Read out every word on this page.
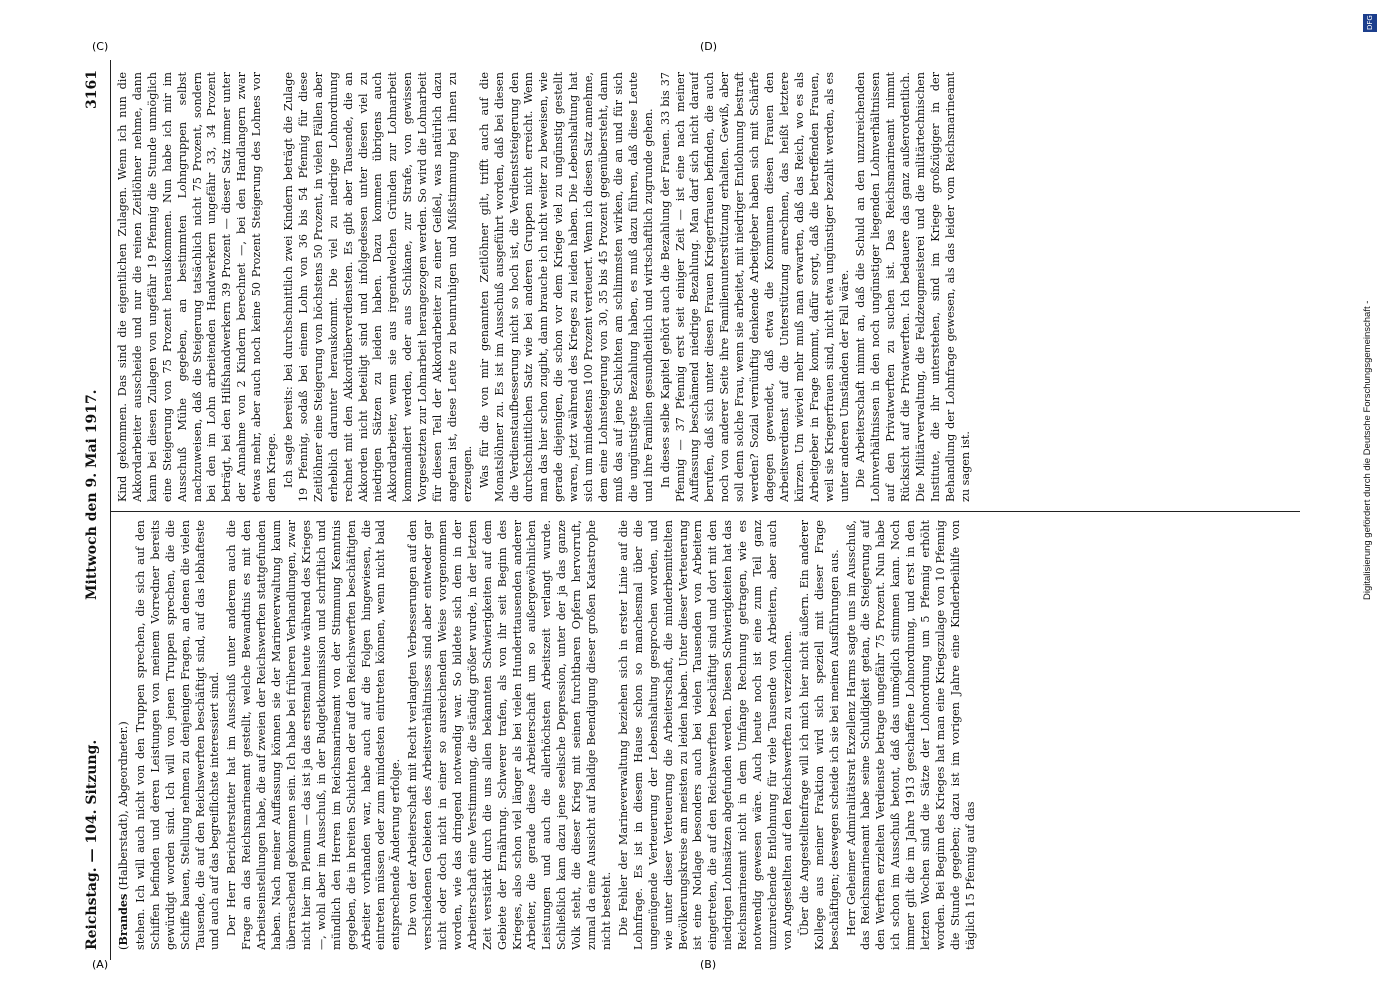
Reichstag. — 104. Sitzung.
Mittwoch den 9. Mai 1917.
3161

(Brandes (Halberstadt), Abgeordneter.) stehen. Ich will auch nicht von den Truppen sprechen, die sich auf den Schiffen befinden und deren Leistungen von meinem Vorredner bereits gewürdigt worden sind. Ich will von jenen Truppen sprechen, die die Schiffe bauen, Stellung nehmen zu denjenigen Fragen, an denen die vielen Tausende, die auf den Reichswerften beschäftigt sind, auf das lebhafteste und auch auf das begreiflichste interessiert sind. Der Herr Berichterstatter hat im Ausschuß unter anderem auch die Frage an das Reichsmarineamt gestellt, welche Bewandtnis es mit den Arbeitseinstellungen habe, die auf zweien der Reichswerften stattgefunden haben. Nach meiner Auffassung können sie der Marineverwaltung kaum überraschend gekommen sein. Ich habe bei früheren Verhandlungen, zwar nicht hier im Plenum — das ist ja das erstemal heute während des Krieges —, wohl aber im Ausschuß, in der Budgetkommission und schriftlich und mündlich den Herren im Reichsmarineamt von der Stimmung Kenntnis gegeben, die in breiten Schichten der auf den Reichswerften beschäftigten Arbeiter vorhanden war, habe auch auf die Folgen hingewiesen, die eintreten müssen oder zum mindesten eintreten können, wenn nicht bald entsprechende Änderung erfolge. Die von der Arbeiterschaft mit Recht verlangten Verbesserungen auf den verschiedenen Gebieten des Arbeitsverhältnisses sind aber entweder gar nicht oder doch nicht in einer so ausreichenden Weise vorgenommen worden, wie das dringend notwendig war. So bildete sich dem in der Arbeiterschaft eine Verstimmung, die ständig größer wurde, in der letzten Zeit verstärkt durch die uns allen bekannten Schwierigkeiten auf dem Gebiete der Ernährung. Schwerer trafen, als von ihr seit Beginn des Krieges, also schon viel länger als bei vielen Hunderttausenden anderer Arbeiter, die gerade diese Arbeiterschaft um so außergewöhnlichen Leistungen und auch die allerhöchsten Arbeitszeit verlangt wurde. Schließlich kam dazu jene seelische Depression, unter der ja das ganze Volk steht, die dieser Krieg mit seinen furchtbaren Opfern hervorruft, zumal da eine Aussicht auf baldige Beendigung dieser großen Katastrophe nicht besteht. Die Fehler der Marineverwaltung beziehen sich in erster Linie auf die Lohnfrage. Es ist in diesem Hause schon so manchesmal über die ungenügende Verteuerung der Lebenshaltung gesprochen worden, und wie unter dieser Verteuerung die Arbeiterschaft, die minderbemittelten Bevölkerungskreise am meisten zu leiden haben. Unter dieser Verteuerung ist eine Notlage besonders auch bei vielen Tausenden von Arbeitern eingetreten, die auf den Reichswerften beschäftigt sind und dort mit den niedrigen Lohnsätzen abgefunden werden. Diesen Schwierigkeiten hat das Reichsmarineamt nicht in dem Umfange Rechnung getragen, wie es notwendig gewesen wäre. Auch heute noch ist eine zum Teil ganz unzureichende Entlohnung für viele Tausende von Arbeitern, aber auch von Angestellten auf den Reichswerften zu verzeichnen. Über die Angestelltenfrage will ich mich hier nicht äußern. Ein anderer Kollege aus meiner Fraktion wird sich speziell mit dieser Frage beschäftigen; deswegen scheide ich sie bei meinen Ausführungen aus. Herr Geheimer Admiralitätsrat Exzellenz Harms sagte uns im Ausschuß, das Reichsmarineamt habe seine Schuldigkeit getan, die Steigerung auf den Werften erzielten Verdienste betrage ungefähr 75 Prozent. Nun habe ich schon im Ausschuß betont, daß das unmöglich stimmen kann. Noch immer gilt die im Jahre 1913 geschaffene Lohnordnung, und erst in den letzten Wochen sind die Sätze der Lohnordnung um 5 Pfennig erhöht worden. Bei Beginn des Krieges hat man eine Kriegszulage von 10 Pfennig die Stunde gegeben; dazu ist im vorigen Jahre eine Kinderbeihilfe von täglich 15 Pfennig auf das

Kind gekommen. Das sind die eigentlichen Zulagen. Wenn ich nun die Akkordarbeiter ausscheide und nur die reinen Zeitlöhner nehme, dann kann bei diesen Zulagen von ungefähr 19 Pfennig die Stunde unmöglich eine Steigerung von 75 Prozent herauskommen. Nun habe ich mir im Ausschuß Mühe gegeben, an bestimmten Lohngruppen selbst nachzuweisen, daß die Steigerung tatsächlich nicht 75 Prozent, sondern bei den im Lohn arbeitenden Handwerkern ungefähr 33, 34 Prozent beträgt, bei den Hilfshandwerkern 39 Prozent — dieser Satz immer unter der Annahme von 2 Kindern berechnet —, bei den Handlangern zwar etwas mehr, aber auch noch keine 50 Prozent Steigerung des Lohnes vor dem Kriege. Ich sagte bereits: bei durchschnittlich zwei Kindern beträgt die Zulage 19 Pfennig, sodaß bei einem Lohn von 36 bis 54 Pfennig für diese Zeitlöhner eine Steigerung von höchstens 50 Prozent, in vielen Fällen aber erheblich darunter herauskommt. Die viel zu niedrige Lohnordnung rechnet mit den Akkordüberverdiensten. Es gibt aber Tausende, die an Akkorden nicht beteiligt sind und infolgedessen unter diesen viel zu niedrigen Sätzen zu leiden haben. Dazu kommen übrigens auch Akkordarbeiter, wenn sie aus irgendwelchen Gründen zur Lohnarbeit kommandiert werden, oder aus Schikane, zur Strafe, von gewissen Vorgesetzten zur Lohnarbeit herangezogen werden. So wird die Lohnarbeit für diesen Teil der Akkordarbeiter zu einer Geißel, was natürlich dazu angetan ist, diese Leute zu beunruhigen und Mißstimmung bei ihnen zu erzeugen. Was für die von mir genannten Zeitlöhner gilt, trifft auch auf die Monatslöhner zu. Es ist im Ausschuß ausgeführt worden, daß bei diesen die Verdienstaufbesserung nicht so hoch ist, die Verdienststeigerung den durchschnittlichen Satz wie bei anderen Gruppen nicht erreicht. Wenn man das hier schon zugibt, dann brauche ich nicht weiter zu beweisen, wie gerade diejenigen, die schon vor dem Kriege viel zu ungünstig gestellt waren, jetzt während des Krieges zu leiden haben. Die Lebenshaltung hat sich um mindestens 100 Prozent verteuert. Wenn ich diesen Satz annehme, dem eine Lohnsteigerung von 30, 35 bis 45 Prozent gegenübersteht, dann muß das auf jene Schichten am schlimmsten wirken, die an und für sich die ungünstigste Bezahlung haben, es muß dazu führen, daß diese Leute und ihre Familien gesundheitlich und wirtschaftlich zugrunde gehen. In dieses selbe Kapitel gehört auch die Bezahlung der Frauen. 33 bis 37 Pfennig — 37 Pfennig erst seit einiger Zeit — ist eine nach meiner Auffassung beschämend niedrige Bezahlung. Man darf sich nicht darauf berufen, daß sich unter diesen Frauen Kriegerfrauen befinden, die auch noch von anderer Seite ihre Familienunterstützung erhalten. Gewiß, aber soll denn solche Frau, wenn sie arbeitet, mit niedriger Entlohnung bestraft werden? Sozial vernünftig denkende Arbeitgeber haben sich mit Schärfe dagegen gewendet, daß etwa die Kommunen diesen Frauen den Arbeitsverdienst auf die Unterstützung anrechnen, das heißt letztere kürzen. Um wieviel mehr muß man erwarten, daß das Reich, wo es als Arbeitgeber in Frage kommt, dafür sorgt, daß die betreffenden Frauen, weil sie Kriegerfrauen sind, nicht etwa ungünstiger bezahlt werden, als es unter anderen Umständen der Fall wäre. Die Arbeiterschaft nimmt an, daß die Schuld an den unzureichenden Lohnverhältnissen in den noch ungünstiger liegenden Lohnverhältnissen auf den Privatwerften zu suchen ist. Das Reichsmarineamt nimmt Rücksicht auf die Privatwerften. Ich bedauere das ganz außerordentlich. Die Militärverwaltung, die Feldzeugmeisterei und die militärtechnischen Institute, die ihr unterstehen, sind im Kriege großzügiger in der Behandlung der Lohnfrage gewesen, als das leider vom Reichsmarineamt zu sagen ist.

(A)	(B)
(C)	(D)
DFG
Digitalisierung gefördert durch die Deutsche Forschungsgemeinschaft -
